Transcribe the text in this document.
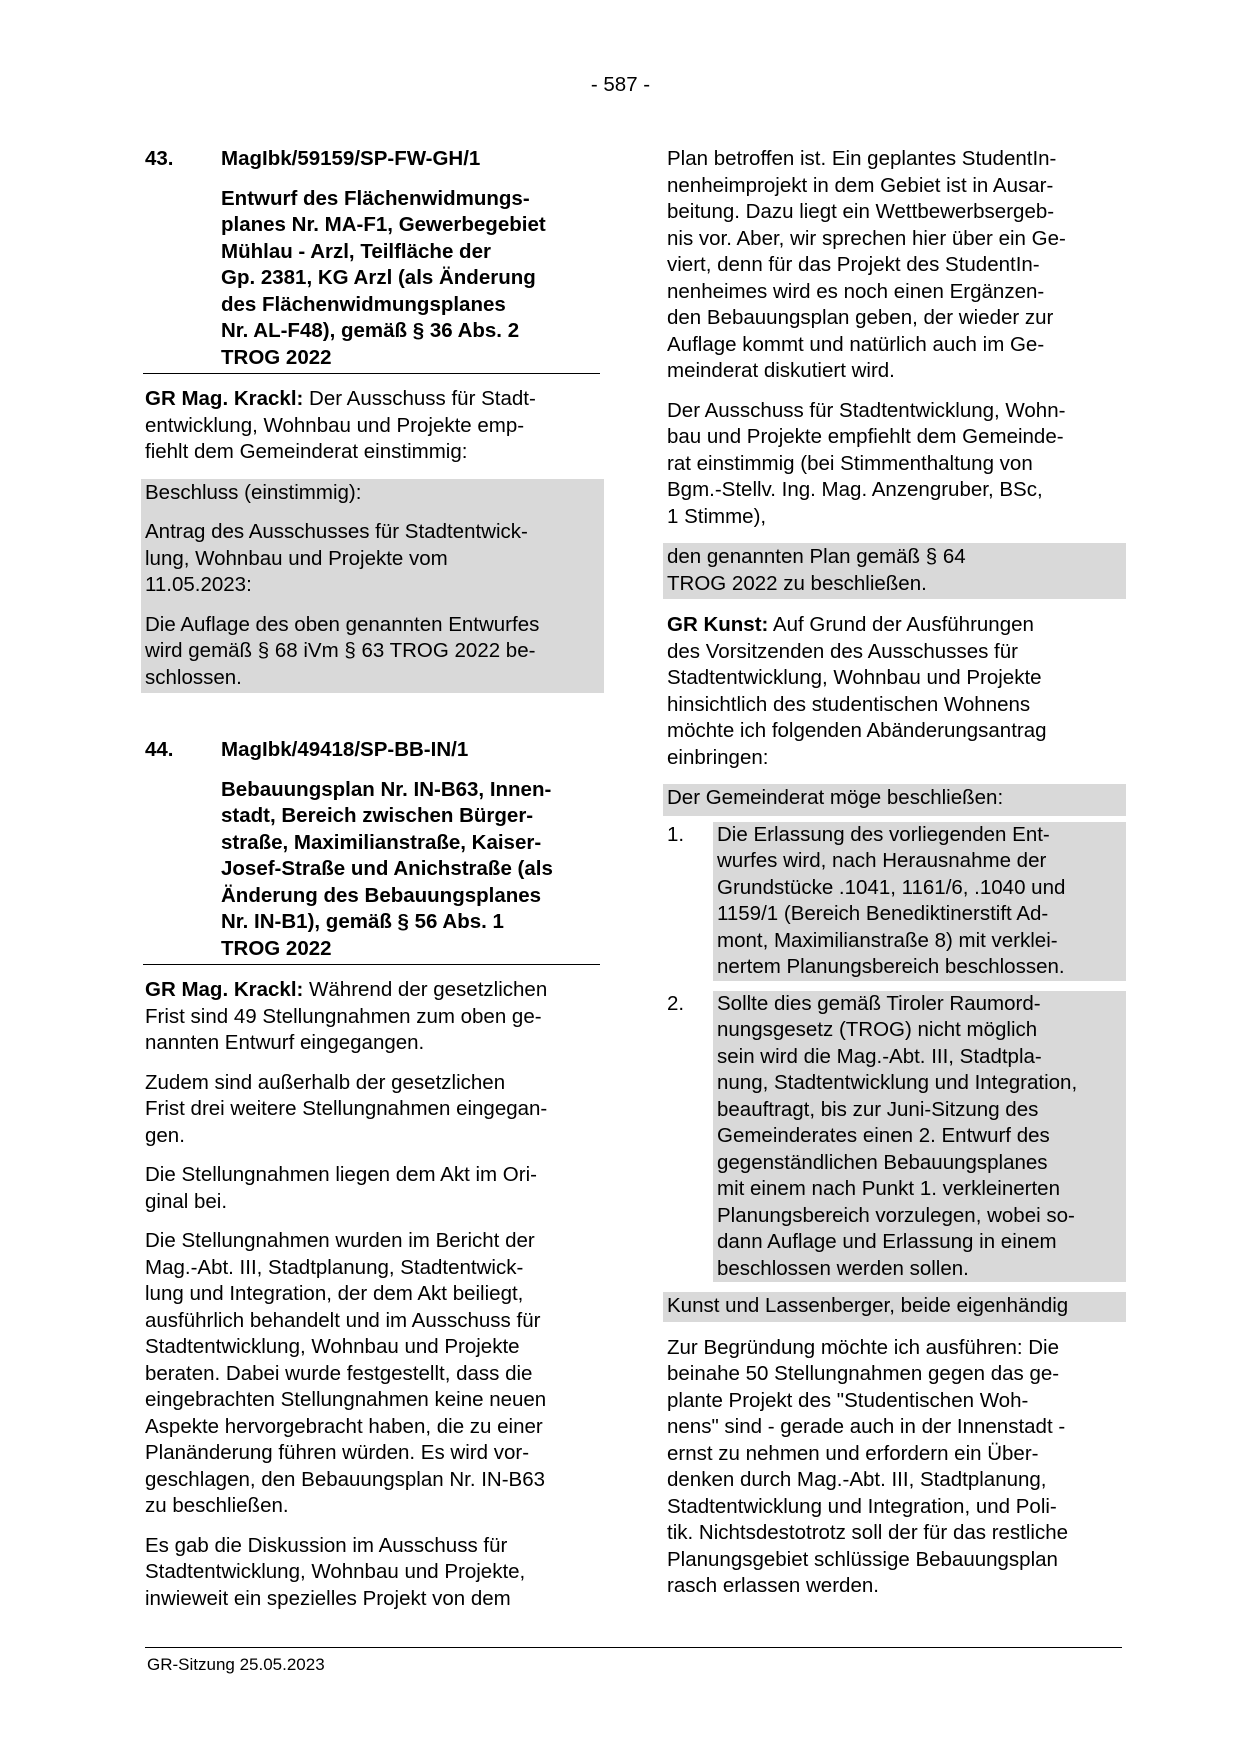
- 587 -
43.	MagIbk/59159/SP-FW-GH/1
Entwurf des Flächenwidmungs-
planes Nr. MA-F1, Gewerbegebiet
Mühlau - Arzl, Teilfläche der
Gp. 2381, KG Arzl (als Änderung
des Flächenwidmungsplanes
Nr. AL-F48), gemäß § 36 Abs. 2
TROG 2022

GR Mag. Krackl: Der Ausschuss für Stadt-
entwicklung, Wohnbau und Projekte emp-
fiehlt dem Gemeinderat einstimmig:

Beschluss (einstimmig):

Antrag des Ausschusses für Stadtentwick-
lung, Wohnbau und Projekte vom
11.05.2023:

Die Auflage des oben genannten Entwurfes
wird gemäß § 68 iVm § 63 TROG 2022 be-
schlossen.

44.	MagIbk/49418/SP-BB-IN/1
Bebauungsplan Nr. IN-B63, Innen-
stadt, Bereich zwischen Bürger-
straße, Maximilianstraße, Kaiser-
Josef-Straße und Anichstraße (als
Änderung des Bebauungsplanes
Nr. IN-B1), gemäß § 56 Abs. 1
TROG 2022

GR Mag. Krackl: Während der gesetzlichen
Frist sind 49 Stellungnahmen zum oben ge-
nannten Entwurf eingegangen.

Zudem sind außerhalb der gesetzlichen
Frist drei weitere Stellungnahmen eingegan-
gen.

Die Stellungnahmen liegen dem Akt im Ori-
ginal bei.

Die Stellungnahmen wurden im Bericht der
Mag.-Abt. III, Stadtplanung, Stadtentwick-
lung und Integration, der dem Akt beiliegt,
ausführlich behandelt und im Ausschuss für
Stadtentwicklung, Wohnbau und Projekte
beraten. Dabei wurde festgestellt, dass die
eingebrachten Stellungnahmen keine neuen
Aspekte hervorgebracht haben, die zu einer
Planänderung führen würden. Es wird vor-
geschlagen, den Bebauungsplan Nr. IN-B63
zu beschließen.

Es gab die Diskussion im Ausschuss für
Stadtentwicklung, Wohnbau und Projekte,
inwieweit ein spezielles Projekt von dem

Plan betroffen ist. Ein geplantes StudentIn-
nenheimprojekt in dem Gebiet ist in Ausar-
beitung. Dazu liegt ein Wettbewerbsergeb-
nis vor. Aber, wir sprechen hier über ein Ge-
viert, denn für das Projekt des StudentIn-
nenheimes wird es noch einen Ergänzen-
den Bebauungsplan geben, der wieder zur
Auflage kommt und natürlich auch im Ge-
meinderat diskutiert wird.

Der Ausschuss für Stadtentwicklung, Wohn-
bau und Projekte empfiehlt dem Gemeinde-
rat einstimmig (bei Stimmenthaltung von
Bgm.-Stellv. Ing. Mag. Anzengruber, BSc,
1 Stimme),

den genannten Plan gemäß § 64
TROG 2022 zu beschließen.

GR Kunst: Auf Grund der Ausführungen
des Vorsitzenden des Ausschusses für
Stadtentwicklung, Wohnbau und Projekte
hinsichtlich des studentischen Wohnens
möchte ich folgenden Abänderungsantrag
einbringen:

Der Gemeinderat möge beschließen:

1.	Die Erlassung des vorliegenden Ent-
wurfes wird, nach Herausnahme der
Grundstücke .1041, 1161/6, .1040 und
1159/1 (Bereich Benediktinerstift Ad-
mont, Maximilianstraße 8) mit verklei-
nertem Planungsbereich beschlossen.
2.	Sollte dies gemäß Tiroler Raumord-
nungsgesetz (TROG) nicht möglich
sein wird die Mag.-Abt. III, Stadtpla-
nung, Stadtentwicklung und Integration,
beauftragt, bis zur Juni-Sitzung des
Gemeinderates einen 2. Entwurf des
gegenständlichen Bebauungsplanes
mit einem nach Punkt 1. verkleinerten
Planungsbereich vorzulegen, wobei so-
dann Auflage und Erlassung in einem
beschlossen werden sollen.

Kunst und Lassenberger, beide eigenhändig

Zur Begründung möchte ich ausführen: Die
beinahe 50 Stellungnahmen gegen das ge-
plante Projekt des "Studentischen Woh-
nens" sind - gerade auch in der Innenstadt -
ernst zu nehmen und erfordern ein Über-
denken durch Mag.-Abt. III, Stadtplanung,
Stadtentwicklung und Integration, und Poli-
tik. Nichtsdestotrotz soll der für das restliche
Planungsgebiet schlüssige Bebauungsplan
rasch erlassen werden.

GR-Sitzung 25.05.2023
